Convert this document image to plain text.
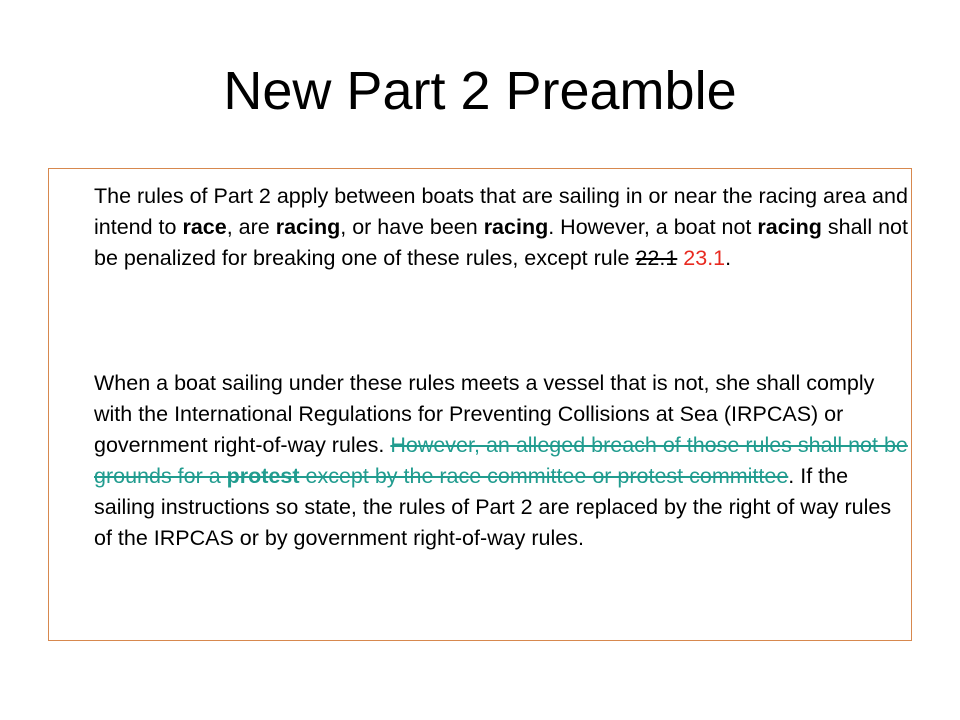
New Part 2 Preamble

The rules of Part 2 apply between boats that are sailing in or near the racing area and intend to race, are racing, or have been racing. However, a boat not racing shall not be penalized for breaking one of these rules, except rule 22.1 23.1.

When a boat sailing under these rules meets a vessel that is not, she shall comply with the International Regulations for Preventing Collisions at Sea (IRPCAS) or government right-of-way rules. However, an alleged breach of those rules shall not be grounds for a protest except by the race committee or protest committee. If the sailing instructions so state, the rules of Part 2 are replaced by the right of way rules of the IRPCAS or by government right-of-way rules.
